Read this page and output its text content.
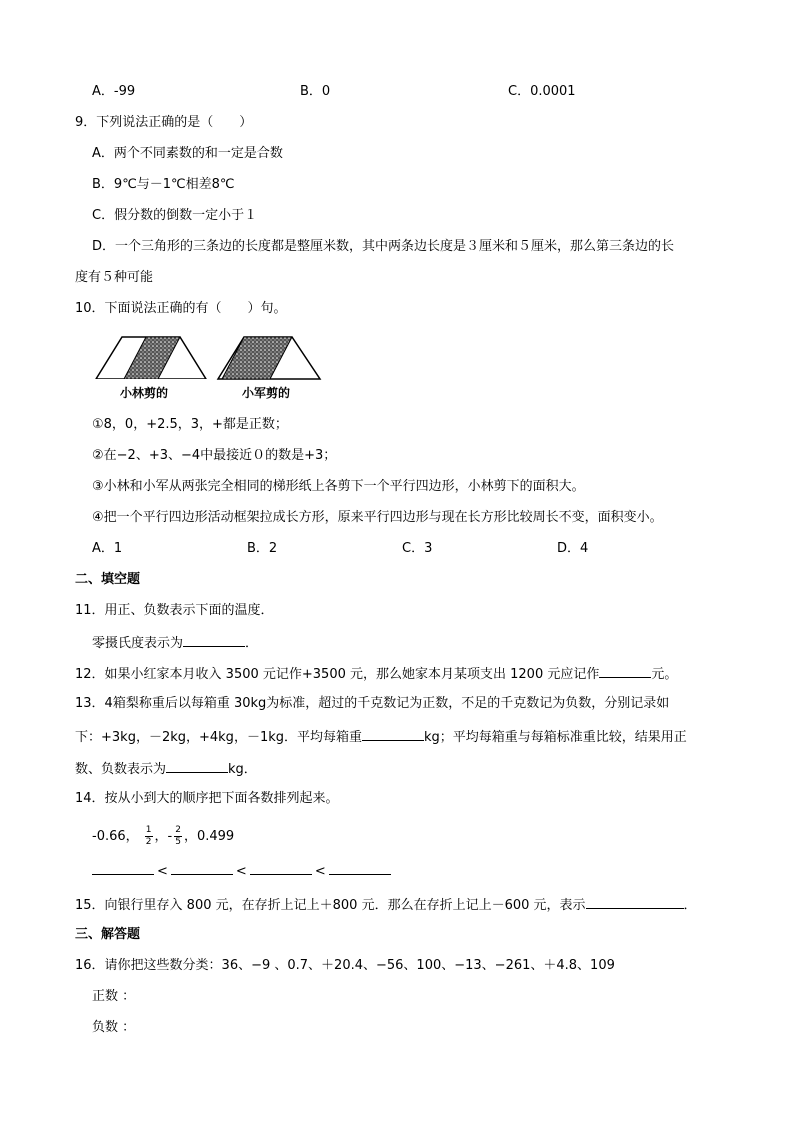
A．-99	B．0	C．0.0001
9．下列说法正确的是（　　）
A．两个不同素数的和一定是合数
B．9℃与－1℃相差8℃
C．假分数的倒数一定小于１
D．一个三角形的三条边的长度都是整厘米数，其中两条边长度是３厘米和５厘米，那么第三条边的长
度有５种可能
10．下面说法正确的有（　　）句。
小林剪的	小军剪的
①8，0，+2.5，3，+都是正数；
②在−2、+3、−4中最接近０的数是+3；
③小林和小军从两张完全相同的梯形纸上各剪下一个平行四边形，小林剪下的面积大。
④把一个平行四边形活动框架拉成长方形，原来平行四边形与现在长方形比较周长不变，面积变小。
A．1	B．2	C．3	D．4
二、填空题
11．用正、负数表示下面的温度．
零摄氏度表示为	．
12．如果小红家本月收入 3500 元记作+3500 元，那么她家本月某项支出 1200 元应记作	元。
13．4箱梨称重后以每箱重 30kg为标准，超过的千克数记为正数，不足的千克数记为负数，分别记录如
下：+3kg，－2kg，+4kg，－1kg．平均每箱重	kg；平均每箱重与每箱标准重比较，结果用正
数、负数表示为	kg．
14．按从小到大的顺序把下面各数排列起来。
-0.66， $\frac{1}{2}$ ，- $\frac{2}{5}$ ，0.499
<	<	<
15．向银行里存入 800 元，在存折上记上＋800 元．那么在存折上记上－600 元，表示	．
三、解答题
16．请你把这些数分类：36、−9 、0.7、＋20.4、−56、100、−13、−261、＋4.8、109
正数 ：
负数 ：
